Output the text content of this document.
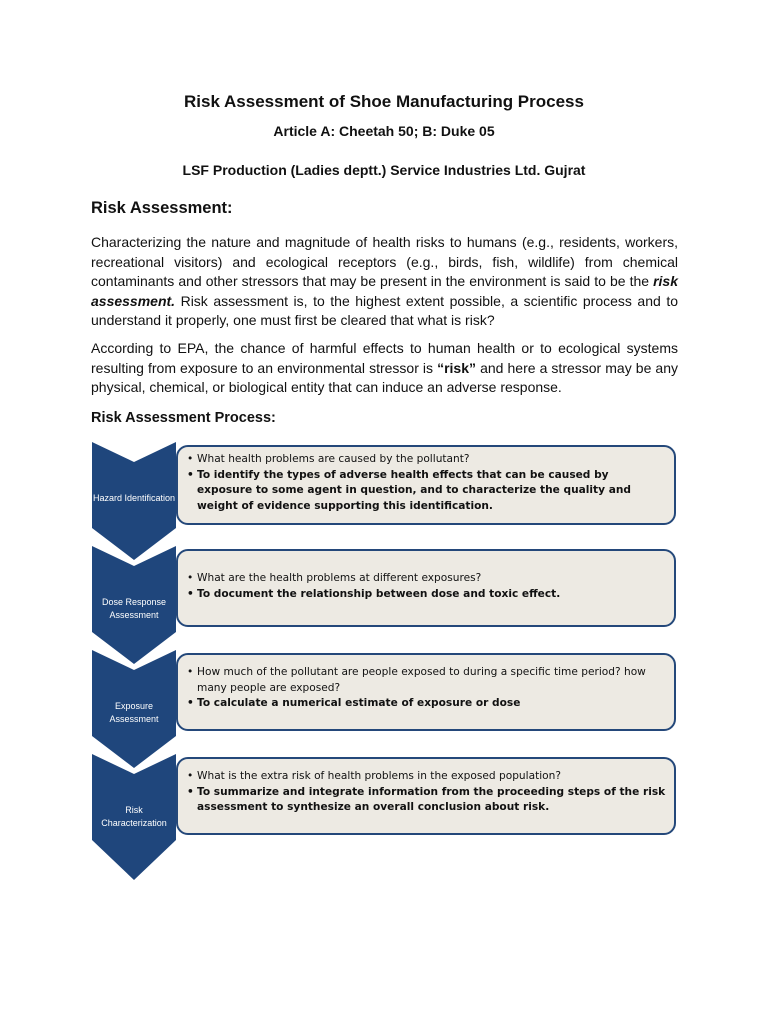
Risk Assessment of Shoe Manufacturing Process
Article A: Cheetah 50; B: Duke 05
LSF Production (Ladies deptt.) Service Industries Ltd. Gujrat
Risk Assessment:
Characterizing the nature and magnitude of health risks to humans (e.g., residents, workers, recreational visitors) and ecological receptors (e.g., birds, fish, wildlife) from chemical contaminants and other stressors that may be present in the environment is said to be the risk assessment. Risk assessment is, to the highest extent possible, a scientific process and to understand it properly, one must first be cleared that what is risk?
According to EPA, the chance of harmful effects to human health or to ecological systems resulting from exposure to an environmental stressor is “risk” and here a stressor may be any physical, chemical, or biological entity that can induce an adverse response.
Risk Assessment Process:
Hazard Identification
• What health problems are caused by the pollutant?
• To identify the types of adverse health effects that can be caused by exposure to some agent in question, and to characterize the quality and weight of evidence supporting this identification.
Dose Response Assessment
• What are the health problems at different exposures?
• To document the relationship between dose and toxic effect.
Exposure Assessment
• How much of the pollutant are people exposed to during a specific time period? how many people are exposed?
• To calculate a numerical estimate of exposure or dose
Risk Characterization
• What is the extra risk of health problems in the exposed population?
• To summarize and integrate information from the proceeding steps of the risk assessment to synthesize an overall conclusion about risk.
